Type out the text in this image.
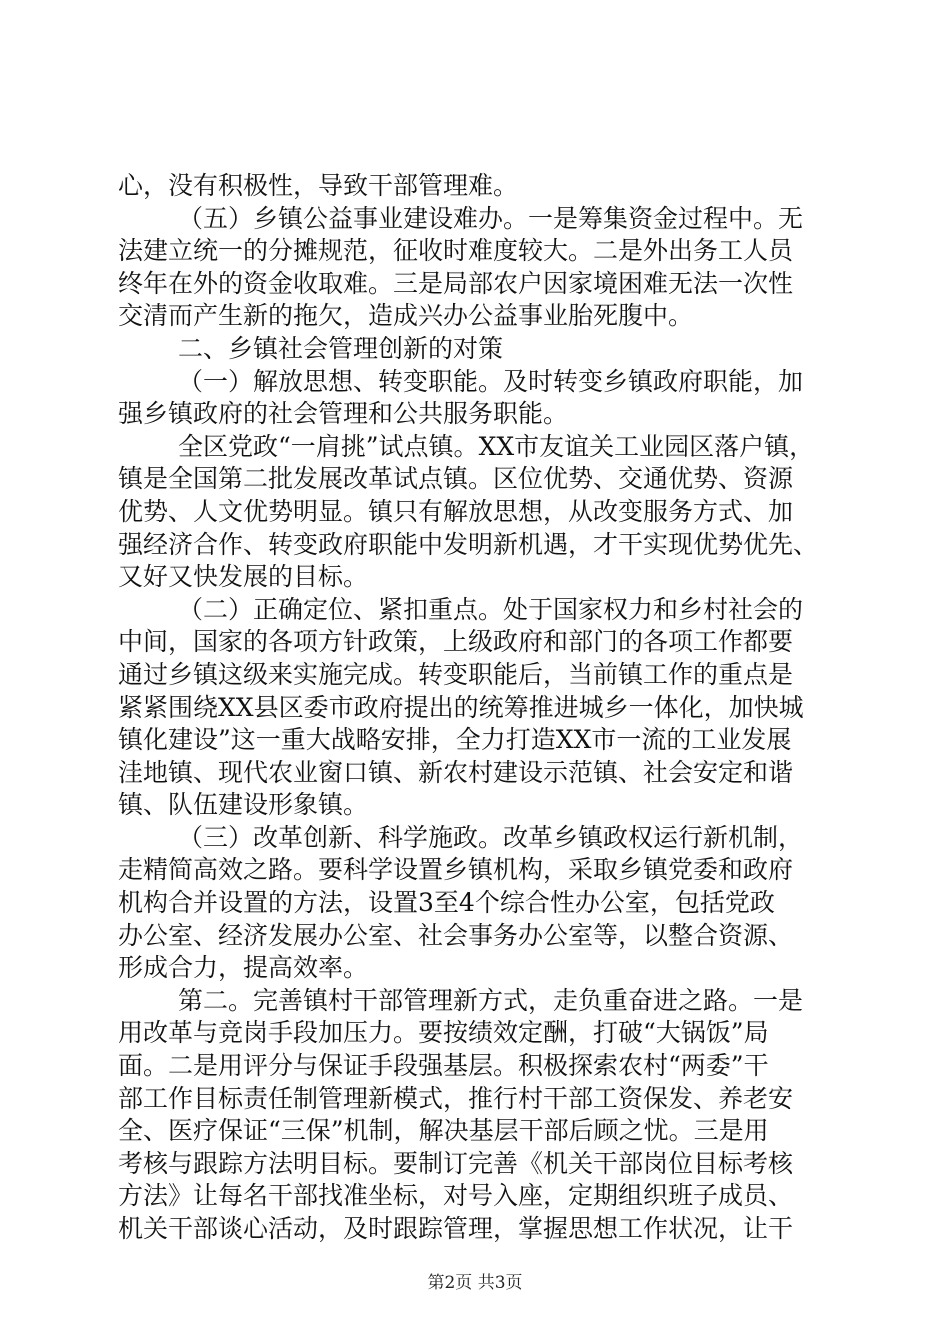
心，没有积极性，导致干部管理难。
（五）乡镇公益事业建设难办。一是筹集资金过程中。无
法建立统一的分摊规范，征收时难度较大。二是外出务工人员
终年在外的资金收取难。三是局部农户因家境困难无法一次性
交清而产生新的拖欠，造成兴办公益事业胎死腹中。
二、乡镇社会管理创新的对策
（一）解放思想、转变职能。及时转变乡镇政府职能，加
强乡镇政府的社会管理和公共服务职能。
全区党政“一肩挑”试点镇。XX市友谊关工业园区落户镇，
镇是全国第二批发展改革试点镇。区位优势、交通优势、资源
优势、人文优势明显。镇只有解放思想，从改变服务方式、加
强经济合作、转变政府职能中发明新机遇，才干实现优势优先、
又好又快发展的目标。
（二）正确定位、紧扣重点。处于国家权力和乡村社会的
中间，国家的各项方针政策，上级政府和部门的各项工作都要
通过乡镇这级来实施完成。转变职能后，当前镇工作的重点是
紧紧围绕XX县区委市政府提出的统筹推进城乡一体化，加快城
镇化建设”这一重大战略安排，全力打造XX市一流的工业发展
洼地镇、现代农业窗口镇、新农村建设示范镇、社会安定和谐
镇、队伍建设形象镇。
（三）改革创新、科学施政。改革乡镇政权运行新机制，
走精简高效之路。要科学设置乡镇机构，采取乡镇党委和政府
机构合并设置的方法，设置3至4个综合性办公室，包括党政
办公室、经济发展办公室、社会事务办公室等，以整合资源、
形成合力，提高效率。
第二。完善镇村干部管理新方式，走负重奋进之路。一是
用改革与竞岗手段加压力。要按绩效定酬，打破“大锅饭”局
面。二是用评分与保证手段强基层。积极探索农村“两委”干
部工作目标责任制管理新模式，推行村干部工资保发、养老安
全、医疗保证“三保”机制，解决基层干部后顾之忧。三是用
考核与跟踪方法明目标。要制订完善《机关干部岗位目标考核
方法》让每名干部找准坐标，对号入座，定期组织班子成员、
机关干部谈心活动，及时跟踪管理，掌握思想工作状况，让干
第2页 共3页
